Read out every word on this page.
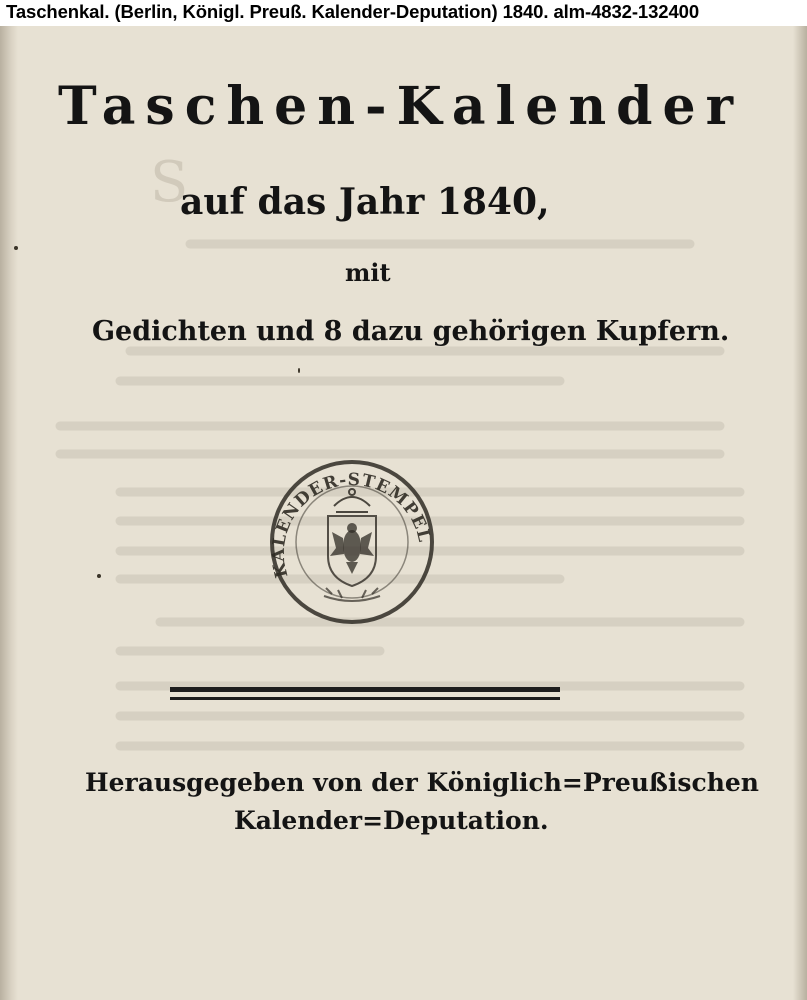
Taschenkal. (Berlin, Königl. Preuß. Kalender-Deputation) 1840. alm-4832-132400
S
Taschen-Kalender
auf das Jahr 1840,
mit
Gedichten und 8 dazu gehörigen Kupfern.
KALENDER-STEMPEL
Herausgegeben von der Königlich=Preußischen
Kalender=Deputation.
